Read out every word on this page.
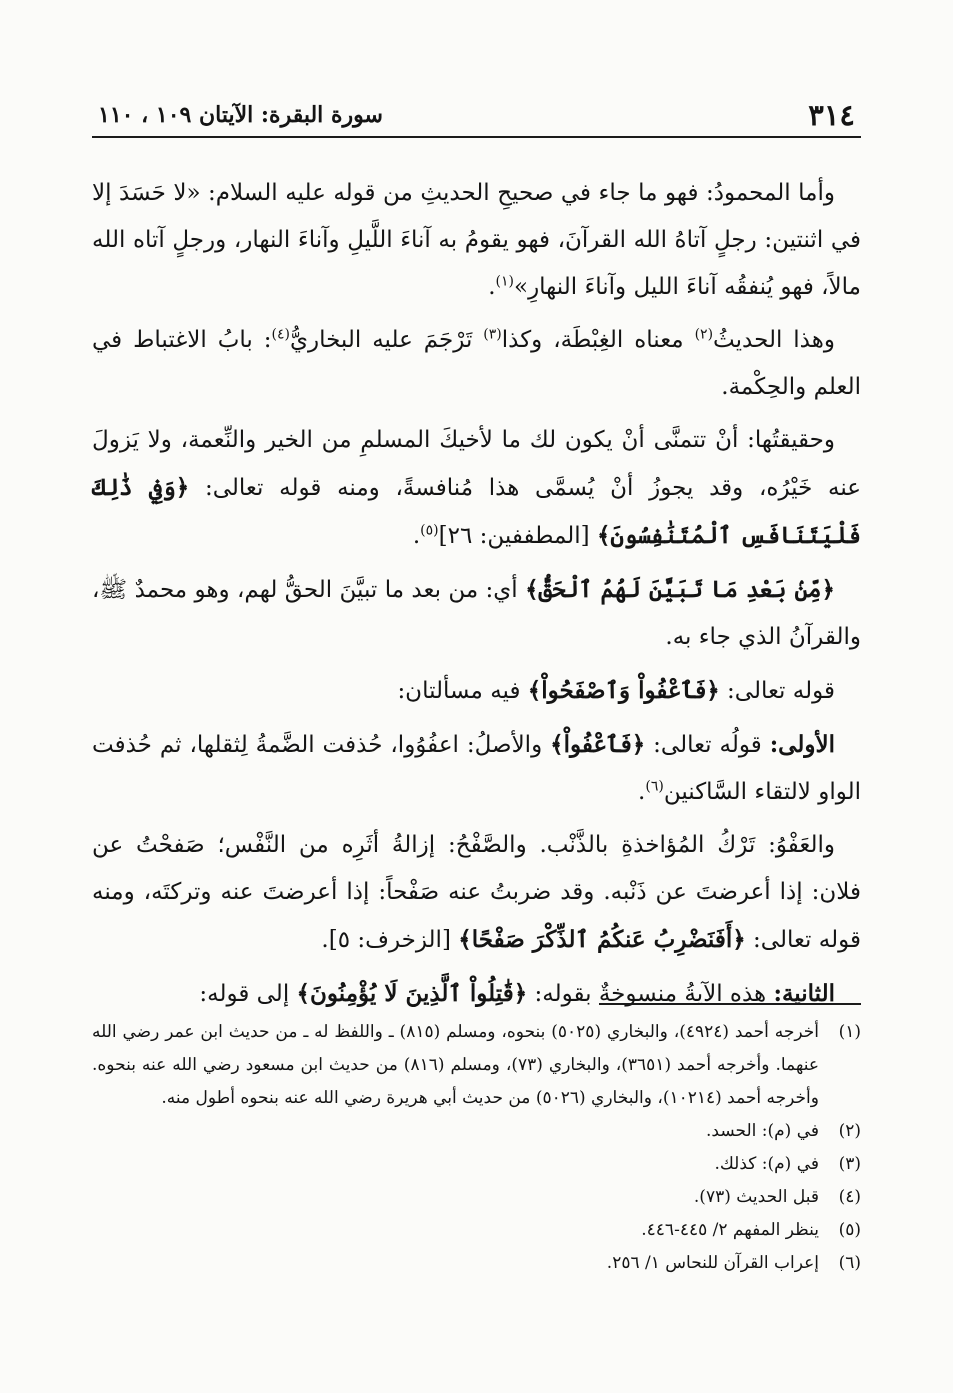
٣١٤
سورة البقرة: الآيتان ١٠٩ ، ١١٠

وأما المحمودُ: فهو ما جاء في صحيحِ الحديثِ من قوله عليه السلام: «لا حَسَدَ إلا في اثنتين: رجلٍ آتاهُ الله القرآنَ، فهو يقومُ به آناءَ اللَّيلِ وآناءَ النهار، ورجلٍ آتاه الله مالاً، فهو يُنفقُه آناءَ الليل وآناءَ النهارِ»$^{(١)}$.

وهذا الحديثُ$^{(٢)}$ معناه الغِبْطَة، وكذا$^{(٣)}$ تَرْجَمَ عليه البخاريُّ$^{(٤)}$: بابُ الاغتباط في العلم والحِكْمة.

وحقيقتُها: أنْ تتمنَّى أنْ يكون لك ما لأخيكَ المسلمِ من الخير والنِّعمة، ولا يَزولَ عنه خَيْرُه، وقد يجوزُ أنْ يُسمَّى هذا مُنافسةً، ومنه قوله تعالى: ﴿وَفِي ذَٰلِكَ فَلْيَتَنَافَسِ ٱلْمُتَنَٰفِسُونَ﴾ [المطففين: ٢٦]$^{(٥)}$.

﴿مِّنۢ بَعْدِ مَا تَبَيَّنَ لَهُمُ ٱلْحَقُّ﴾ أي: من بعد ما تبيَّنَ الحقُّ لهم، وهو محمدٌ ﷺ، والقرآنُ الذي جاء به.

قوله تعالى: ﴿فَٱعْفُواْ وَٱصْفَحُواْ﴾ فيه مسألتان:

الأولى: قولُه تعالى: ﴿فَٱعْفُواْ﴾ والأصلُ: اعفُوُوا، حُذفت الضَّمةُ لِثقلها، ثم حُذفت الواو لالتقاء السَّاكنين$^{(٦)}$.

والعَفْوُ: تَرْكُ المُؤاخذةِ بالذَّنْب. والصَّفْحُ: إزالةُ أثَرِه من النَّفْس؛ صَفحْتُ عن فلان: إذا أعرضتَ عن ذَنْبه. وقد ضربتُ عنه صَفْحاً: إذا أعرضتَ عنه وتركتَه، ومنه قوله تعالى: ﴿أَفَنَضْرِبُ عَنكُمُ ٱلذِّكْرَ صَفْحًا﴾ [الزخرف: ٥].

الثانية: هذه الآيةُ منسوخةٌ بقوله: ﴿قَٰتِلُواْ ٱلَّذِينَ لَا يُؤْمِنُونَ﴾ إلى قوله:

(١)
أخرجه أحمد (٤٩٢٤)، والبخاري (٥٠٢٥) بنحوه، ومسلم (٨١٥) ـ واللفظ له ـ من حديث ابن عمر رضي الله عنهما. وأخرجه أحمد (٣٦٥١)، والبخاري (٧٣)، ومسلم (٨١٦) من حديث ابن مسعود رضي الله عنه بنحوه. وأخرجه أحمد (١٠٢١٤)، والبخاري (٥٠٢٦) من حديث أبي هريرة رضي الله عنه بنحوه أطول منه.
(٢)
في (م): الحسد.
(٣)
في (م): كذلك.
(٤)
قبل الحديث (٧٣).
(٥)
ينظر المفهم ٢/ ٤٤٥-٤٤٦.
(٦)
إعراب القرآن للنحاس ١/ ٢٥٦.
